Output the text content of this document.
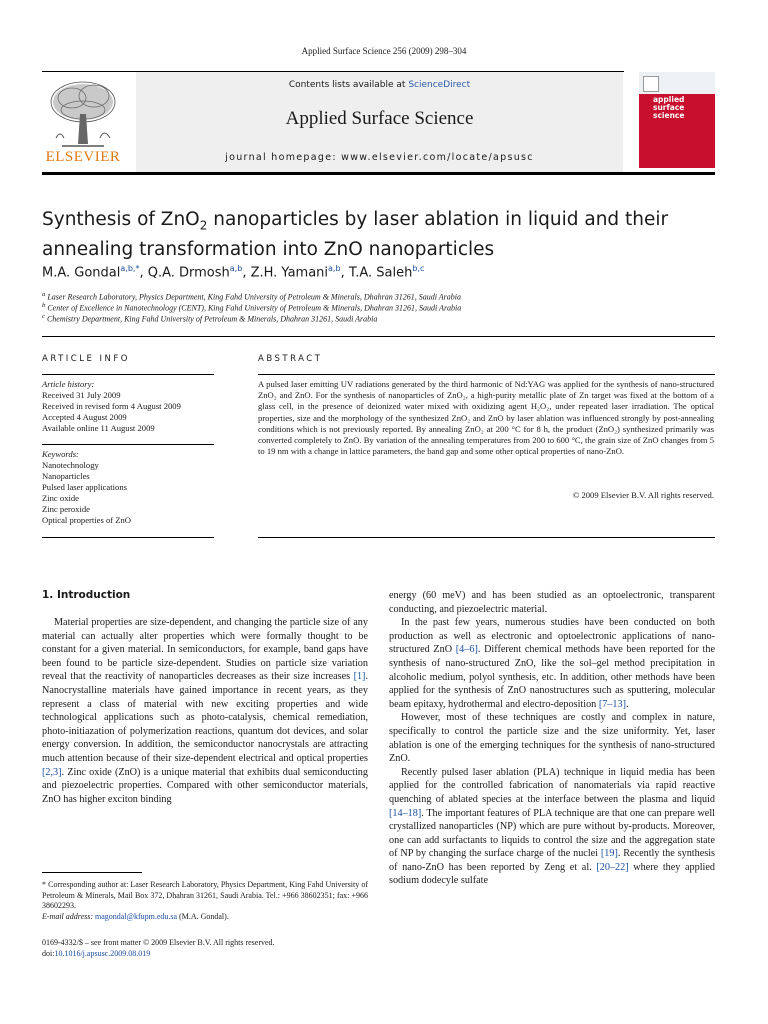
Applied Surface Science 256 (2009) 298–304
Contents lists available at ScienceDirect
Applied Surface Science
journal homepage: www.elsevier.com/locate/apsusc
ELSEVIER
applied surface science
Synthesis of ZnO$_2$ nanoparticles by laser ablation in liquid and their annealing transformation into ZnO nanoparticles
M.A. Gondal$^{a,b,*}$, Q.A. Drmosh$^{a,b}$, Z.H. Yamani$^{a,b}$, T.A. Saleh$^{b,c}$
$^a$ Laser Research Laboratory, Physics Department, King Fahd University of Petroleum & Minerals, Dhahran 31261, Saudi Arabia
$^b$ Center of Excellence in Nanotechnology (CENT), King Fahd University of Petroleum & Minerals, Dhahran 31261, Saudi Arabia
$^c$ Chemistry Department, King Fahd University of Petroleum & Minerals, Dhahran 31261, Saudi Arabia
ARTICLE INFO
Article history:
Received 31 July 2009
Received in revised form 4 August 2009
Accepted 4 August 2009
Available online 11 August 2009
Keywords:
Nanotechnology
Nanoparticles
Pulsed laser applications
Zinc oxide
Zinc peroxide
Optical properties of ZnO
ABSTRACT
A pulsed laser emitting UV radiations generated by the third harmonic of Nd:YAG was applied for the synthesis of nano-structured ZnO₂ and ZnO. For the synthesis of nanoparticles of ZnO₂, a high-purity metallic plate of Zn target was fixed at the bottom of a glass cell, in the presence of deionized water mixed with oxidizing agent H₂O₂, under repeated laser irradiation. The optical properties, size and the morphology of the synthesized ZnO₂ and ZnO by laser ablation was influenced strongly by post-annealing conditions which is not previously reported. By annealing ZnO₂ at 200 °C for 8 h, the product (ZnO₂) synthesized primarily was converted completely to ZnO. By variation of the annealing temperatures from 200 to 600 °C, the grain size of ZnO changes from 5 to 19 nm with a change in lattice parameters, the band gap and some other optical properties of nano-ZnO.
© 2009 Elsevier B.V. All rights reserved.
1. Introduction

Material properties are size-dependent, and changing the particle size of any material can actually alter properties which were formally thought to be constant for a given material. In semiconductors, for example, band gaps have been found to be particle size-dependent. Studies on particle size variation reveal that the reactivity of nanoparticles decreases as their size increases [1]. Nanocrystalline materials have gained importance in recent years, as they represent a class of material with new exciting properties and wide technological applications such as photo-catalysis, chemical remediation, photo-initiazation of polymerization reactions, quantum dot devices, and solar energy conversion. In addition, the semiconductor nanocrystals are attracting much attention because of their size-dependent electrical and optical properties [2,3]. Zinc oxide (ZnO) is a unique material that exhibits dual semiconducting and piezoelectric properties. Compared with other semiconductor materials, ZnO has higher exciton binding

energy (60 meV) and has been studied as an optoelectronic, transparent conducting, and piezoelectric material.

In the past few years, numerous studies have been conducted on both production as well as electronic and optoelectronic applications of nano-structured ZnO [4–6]. Different chemical methods have been reported for the synthesis of nano-structured ZnO, like the sol–gel method precipitation in alcoholic medium, polyol synthesis, etc. In addition, other methods have been applied for the synthesis of ZnO nanostructures such as sputtering, molecular beam epitaxy, hydrothermal and electro-deposition [7–13].

However, most of these techniques are costly and complex in nature, specifically to control the particle size and the size uniformity. Yet, laser ablation is one of the emerging techniques for the synthesis of nano-structured ZnO.

Recently pulsed laser ablation (PLA) technique in liquid media has been applied for the controlled fabrication of nanomaterials via rapid reactive quenching of ablated species at the interface between the plasma and liquid [14–18]. The important features of PLA technique are that one can prepare well crystallized nanoparticles (NP) which are pure without by-products. Moreover, one can add surfactants to liquids to control the size and the aggregation state of NP by changing the surface charge of the nuclei [19]. Recently the synthesis of nano-ZnO has been reported by Zeng et al. [20–22] where they applied sodium dodecyle sulfate

* Corresponding author at: Laser Research Laboratory, Physics Department, King Fahd University of Petroleum & Minerals, Mail Box 372, Dhahran 31261, Saudi Arabia. Tel.: +966 38602351; fax: +966 38602293.
E-mail address: magondal@kfupm.edu.sa (M.A. Gondal).
0169-4332/$ – see front matter © 2009 Elsevier B.V. All rights reserved.
doi:10.1016/j.apsusc.2009.08.019
